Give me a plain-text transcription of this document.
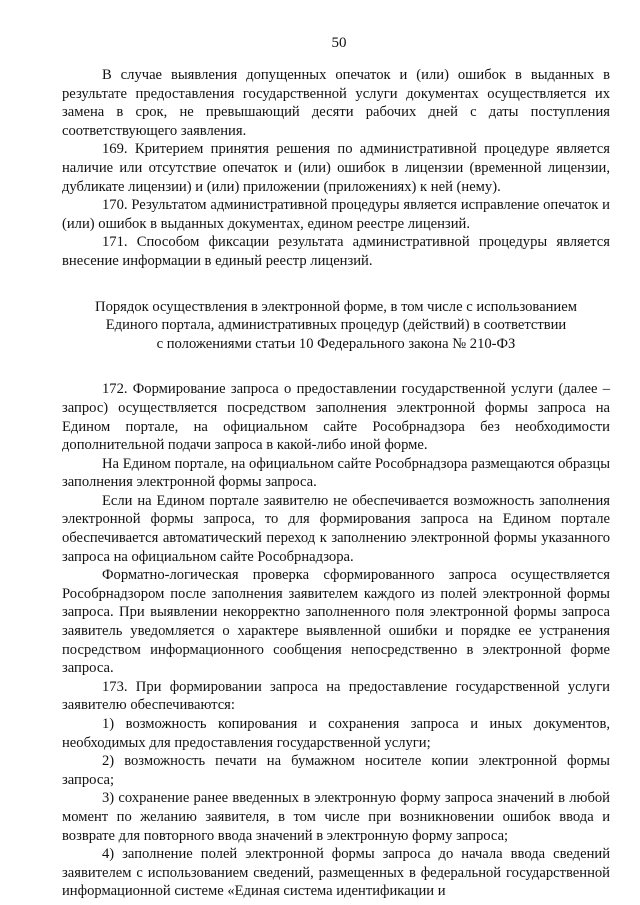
50

В случае выявления допущенных опечаток и (или) ошибок в выданных в результате предоставления государственной услуги документах осуществляется их замена в срок, не превышающий десяти рабочих дней с даты поступления соответствующего заявления.

169. Критерием принятия решения по административной процедуре является наличие или отсутствие опечаток и (или) ошибок в лицензии (временной лицензии, дубликате лицензии) и (или) приложении (приложениях) к ней (нему).

170. Результатом административной процедуры является исправление опечаток и (или) ошибок в выданных документах, едином реестре лицензий.

171. Способом фиксации результата административной процедуры является внесение информации в единый реестр лицензий.

Порядок осуществления в электронной форме, в том числе с использованием
Единого портала, административных процедур (действий) в соответствии
с положениями статьи 10 Федерального закона № 210-ФЗ

172. Формирование запроса о предоставлении государственной услуги (далее – запрос) осуществляется посредством заполнения электронной формы запроса на Едином портале, на официальном сайте Рособрнадзора без необходимости дополнительной подачи запроса в какой-либо иной форме.

На Едином портале, на официальном сайте Рособрнадзора размещаются образцы заполнения электронной формы запроса.

Если на Едином портале заявителю не обеспечивается возможность заполнения электронной формы запроса, то для формирования запроса на Едином портале обеспечивается автоматический переход к заполнению электронной формы указанного запроса на официальном сайте Рособрнадзора.

Форматно-логическая проверка сформированного запроса осуществляется Рособрнадзором после заполнения заявителем каждого из полей электронной формы запроса. При выявлении некорректно заполненного поля электронной формы запроса заявитель уведомляется о характере выявленной ошибки и порядке ее устранения посредством информационного сообщения непосредственно в электронной форме запроса.

173. При формировании запроса на предоставление государственной услуги заявителю обеспечиваются:

1) возможность копирования и сохранения запроса и иных документов, необходимых для предоставления государственной услуги;

2) возможность печати на бумажном носителе копии электронной формы запроса;

3) сохранение ранее введенных в электронную форму запроса значений в любой момент по желанию заявителя, в том числе при возникновении ошибок ввода и возврате для повторного ввода значений в электронную форму запроса;

4) заполнение полей электронной формы запроса до начала ввода сведений заявителем с использованием сведений, размещенных в федеральной государственной информационной системе «Единая система идентификации и
